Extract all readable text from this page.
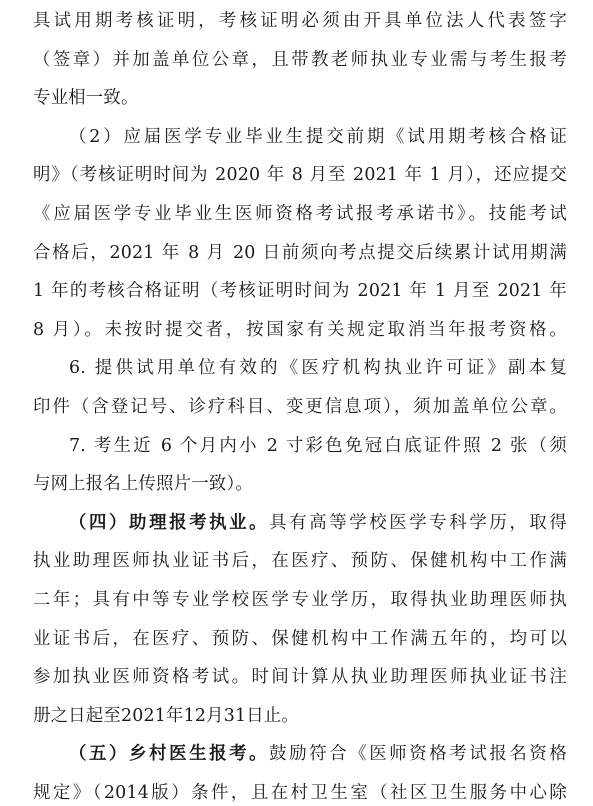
具试用期考核证明，考核证明必须由开具单位法人代表签字
（签章）并加盖单位公章，且带教老师执业专业需与考生报考
专业相一致。
（2）应届医学专业毕业生提交前期《试用期考核合格证
明》（考核证明时间为 2020 年 8 月至 2021 年 1 月），还应提交
《应届医学专业毕业生医师资格考试报考承诺书》。技能考试
合格后，2021 年 8 月 20 日前须向考点提交后续累计试用期满
1 年的考核合格证明（考核证明时间为 2021 年 1 月至 2021 年
8 月）。未按时提交者，按国家有关规定取消当年报考资格。
6. 提供试用单位有效的《医疗机构执业许可证》副本复
印件（含登记号、诊疗科目、变更信息项），须加盖单位公章。
7. 考生近 6 个月内小 2 寸彩色免冠白底证件照 2 张（须
与网上报名上传照片一致）。
（四）助理报考执业。具有高等学校医学专科学历，取得
执业助理医师执业证书后，在医疗、预防、保健机构中工作满
二年；具有中等专业学校医学专业学历，取得执业助理医师执
业证书后，在医疗、预防、保健机构中工作满五年的，均可以
参加执业医师资格考试。时间计算从执业助理医师执业证书注
册之日起至2021年12月31日止。
（五）乡村医生报考。鼓励符合《医师资格考试报名资格
规定》（2014版）条件，且在村卫生室（社区卫生服务中心除
